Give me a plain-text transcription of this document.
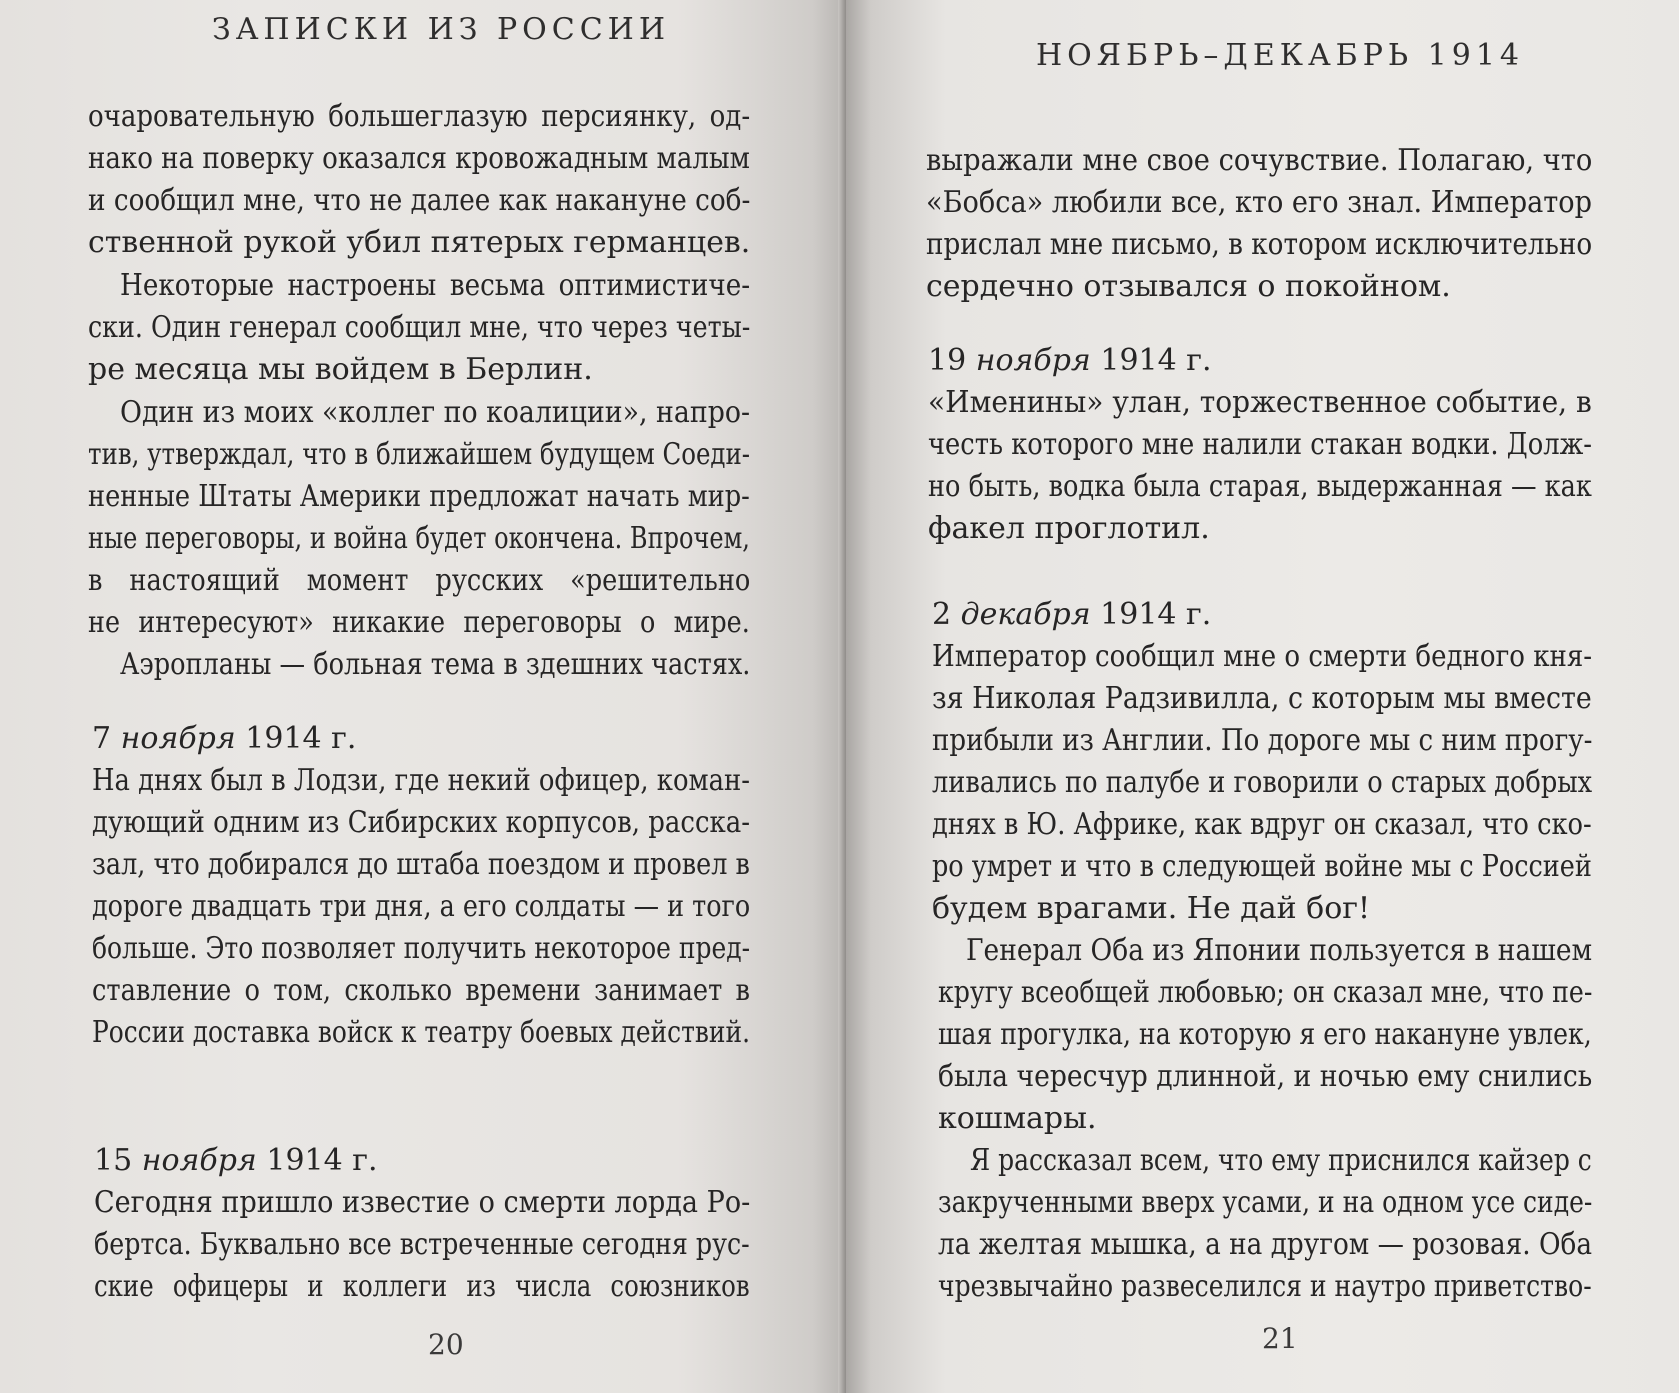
ЗАПИСКИ ИЗ РОССИИ
очаровательную большеглазую персиянку, од-
нако на поверку оказался кровожадным малым
и сообщил мне, что не далее как накануне соб-
ственной рукой убил пятерых германцев.
Некоторые настроены весьма оптимистиче-
ски. Один генерал сообщил мне, что через четы-
ре месяца мы войдем в Берлин.
Один из моих «коллег по коалиции», напро-
тив, утверждал, что в ближайшем будущем Соеди-
ненные Штаты Америки предложат начать мир-
ные переговоры, и война будет окончена. Впрочем,
в настоящий момент русских «решительно
не интересуют» никакие переговоры о мире.
Аэропланы — больная тема в здешних частях.
7 ноября 1914 г.
На днях был в Лодзи, где некий офицер, коман-
дующий одним из Сибирских корпусов, расска-
зал, что добирался до штаба поездом и провел в
дороге двадцать три дня, а его солдаты — и того
больше. Это позволяет получить некоторое пред-
ставление о том, сколько времени занимает в
России доставка войск к театру боевых действий.
15 ноября 1914 г.
Сегодня пришло известие о смерти лорда Ро-
бертса. Буквально все встреченные сегодня рус-
ские офицеры и коллеги из числа союзников
20
НОЯБРЬ–ДЕКАБРЬ 1914
выражали мне свое сочувствие. Полагаю, что
«Бобса» любили все, кто его знал. Император
прислал мне письмо, в котором исключительно
сердечно отзывался о покойном.
19 ноября 1914 г.
«Именины» улан, торжественное событие, в
честь которого мне налили стакан водки. Долж-
но быть, водка была старая, выдержанная — как
факел проглотил.
2 декабря 1914 г.
Император сообщил мне о смерти бедного кня-
зя Николая Радзивилла, с которым мы вместе
прибыли из Англии. По дороге мы с ним прогу-
ливались по палубе и говорили о старых добрых
днях в Ю. Африке, как вдруг он сказал, что ско-
ро умрет и что в следующей войне мы с Россией
будем врагами. Не дай бог!
Генерал Оба из Японии пользуется в нашем
кругу всеобщей любовью; он сказал мне, что пе-
шая прогулка, на которую я его накануне увлек,
была чересчур длинной, и ночью ему снились
кошмары.
Я рассказал всем, что ему приснился кайзер с
закрученными вверх усами, и на одном усе сиде-
ла желтая мышка, а на другом — розовая. Оба
чрезвычайно развеселился и наутро приветство-
21
